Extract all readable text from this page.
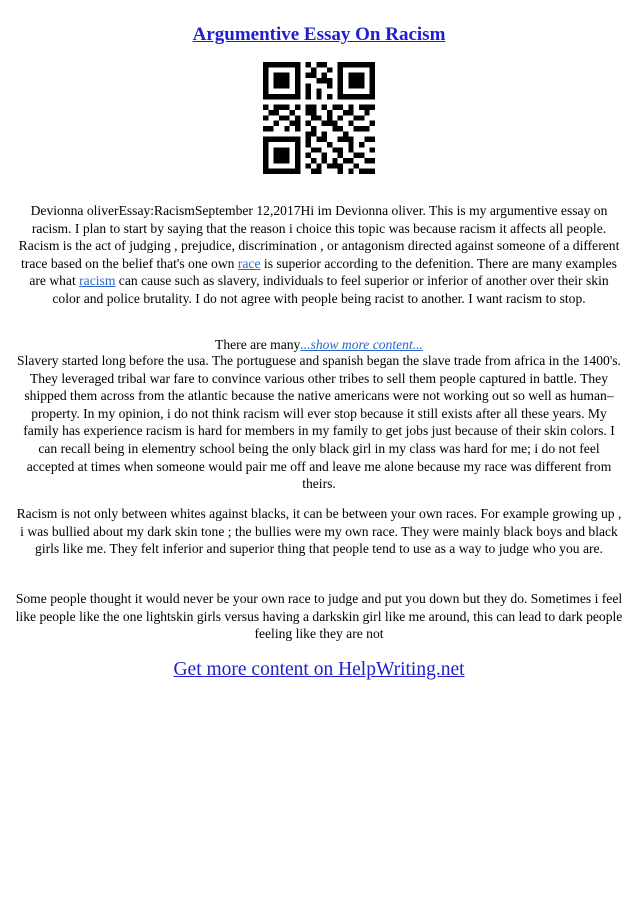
Argumentive Essay On Racism
Devionna oliverEssay:RacismSeptember 12,2017Hi im Devionna oliver. This is my argumentive essay on racism. I plan to start by saying that the reason i choice this topic was because racism it affects all people. Racism is the act of judging , prejudice, discrimination , or antagonism directed against someone of a different trace based on the belief that's one own race is superior according to the defenition. There are many examples are what racism can cause such as slavery, individuals to feel superior or inferior of another over their skin color and police brutality. I do not agree with people being racist to another. I want racism to stop.
There are many...show more content...
Slavery started long before the usa. The portuguese and spanish began the slave trade from africa in the 1400's. They leveraged tribal war fare to convince various other tribes to sell them people captured in battle. They shipped them across from the atlantic because the native americans were not working out so well as human–property. In my opinion, i do not think racism will ever stop because it still exists after all these years. My family has experience racism is hard for members in my family to get jobs just because of their skin colors. I can recall being in elementry school being the only black girl in my class was hard for me; i do not feel accepted at times when someone would pair me off and leave me alone because my race was different from theirs.
Racism is not only between whites against blacks, it can be between your own races. For example growing up , i was bullied about my dark skin tone ; the bullies were my own race. They were mainly black boys and black girls like me. They felt inferior and superior thing that people tend to use as a way to judge who you are.
Some people thought it would never be your own race to judge and put you down but they do. Sometimes i feel like people like the one lightskin girls versus having a darkskin girl like me around, this can lead to dark people feeling like they are not
Get more content on HelpWriting.net
